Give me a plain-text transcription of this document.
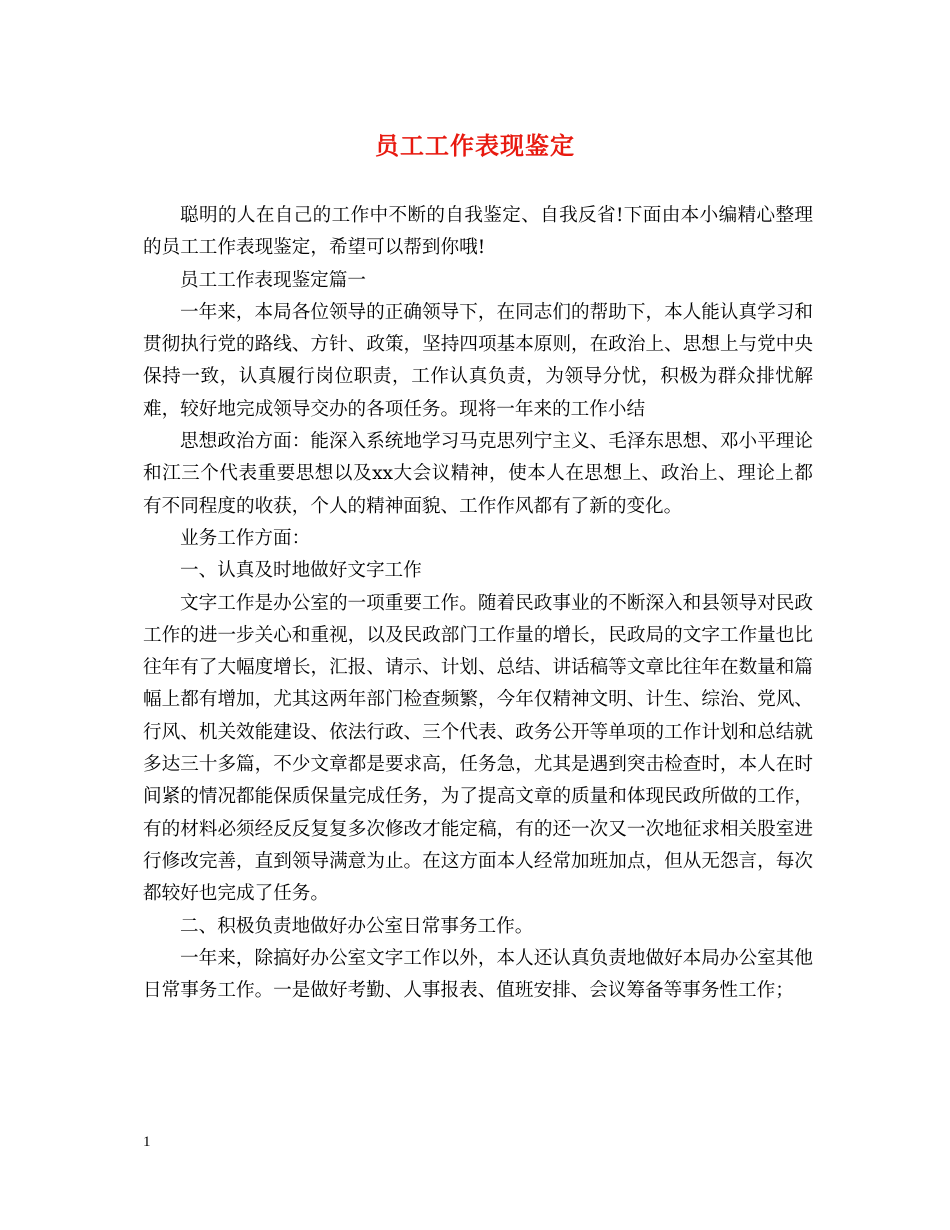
员工工作表现鉴定

聪明的人在自己的工作中不断的自我鉴定、自我反省!下面由本小编精心整理的员工工作表现鉴定，希望可以帮到你哦!

员工工作表现鉴定篇一

一年来，本局各位领导的正确领导下，在同志们的帮助下，本人能认真学习和贯彻执行党的路线、方针、政策，坚持四项基本原则，在政治上、思想上与党中央保持一致，认真履行岗位职责，工作认真负责，为领导分忧，积极为群众排忧解难，较好地完成领导交办的各项任务。现将一年来的工作小结

思想政治方面：能深入系统地学习马克思列宁主义、毛泽东思想、邓小平理论和江三个代表重要思想以及xx大会议精神，使本人在思想上、政治上、理论上都有不同程度的收获，个人的精神面貌、工作作风都有了新的变化。

业务工作方面：

一、认真及时地做好文字工作

文字工作是办公室的一项重要工作。随着民政事业的不断深入和县领导对民政工作的进一步关心和重视，以及民政部门工作量的增长，民政局的文字工作量也比往年有了大幅度增长，汇报、请示、计划、总结、讲话稿等文章比往年在数量和篇幅上都有增加，尤其这两年部门检查频繁，今年仅精神文明、计生、综治、党风、行风、机关效能建设、依法行政、三个代表、政务公开等单项的工作计划和总结就多达三十多篇，不少文章都是要求高，任务急，尤其是遇到突击检查时，本人在时间紧的情况都能保质保量完成任务，为了提高文章的质量和体现民政所做的工作，有的材料必须经反反复复多次修改才能定稿，有的还一次又一次地征求相关股室进行修改完善，直到领导满意为止。在这方面本人经常加班加点，但从无怨言，每次都较好也完成了任务。

二、积极负责地做好办公室日常事务工作。

一年来，除搞好办公室文字工作以外，本人还认真负责地做好本局办公室其他日常事务工作。一是做好考勤、人事报表、值班安排、会议筹备等事务性工作；

1
